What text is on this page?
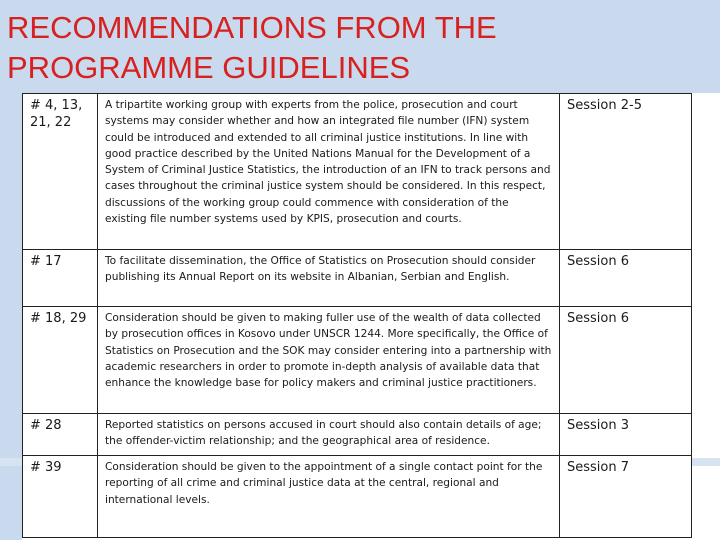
RECOMMENDATIONS FROM THE
PROGRAMME GUIDELINES
# 4, 13, 21, 22	A tripartite working group with experts from the police, prosecution and court systems may consider whether and how an integrated file number (IFN) system could be introduced and extended to all criminal justice institutions. In line with good practice described by the United Nations Manual for the Development of a System of Criminal Justice Statistics, the introduction of an IFN to track persons and cases throughout the criminal justice system should be considered. In this respect, discussions of the working group could commence with consideration of the existing file number systems used by KPIS, prosecution and courts.	Session 2-5
# 17	To facilitate dissemination, the Office of Statistics on Prosecution should consider publishing its Annual Report on its website in Albanian, Serbian and English.	Session 6
# 18, 29	Consideration should be given to making fuller use of the wealth of data collected by prosecution offices in Kosovo under UNSCR 1244. More specifically, the Office of Statistics on Prosecution and the SOK may consider entering into a partnership with academic researchers in order to promote in-depth analysis of available data that enhance the knowledge base for policy makers and criminal justice practitioners.	Session 6
# 28	Reported statistics on persons accused in court should also contain details of age; the offender-victim relationship; and the geographical area of residence.	Session 3
# 39	Consideration should be given to the appointment of a single contact point for the reporting of all crime and criminal justice data at the central, regional and international levels.	Session 7
